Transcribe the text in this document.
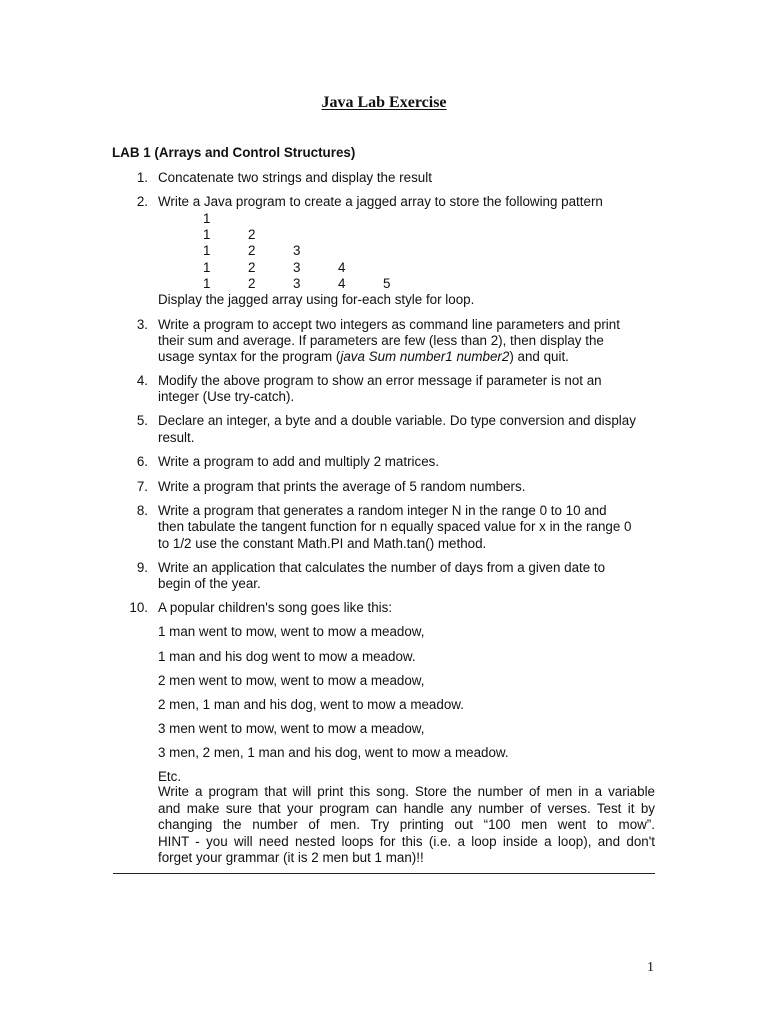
Java Lab Exercise
LAB 1 (Arrays and Control Structures)
1. Concatenate two strings and display the result
2. Write a Java program to create a jagged array to store the following pattern
1
1	2
1	2	3
1	2	3	4
1	2	3	4	5
Display the jagged array using for-each style for loop.
3. Write a program to accept two integers as command line parameters and print
their sum and average. If parameters are few (less than 2), then display the
usage syntax for the program (java Sum number1 number2) and quit.
4. Modify the above program to show an error message if parameter is not an
integer (Use try-catch).
5. Declare an integer, a byte and a double variable. Do type conversion and display
result.
6. Write a program to add and multiply 2 matrices.
7. Write a program that prints the average of 5 random numbers.
8. Write a program that generates a random integer N in the range 0 to 10 and
then tabulate the tangent function for n equally spaced value for x in the range 0
to 1/2 use the constant Math.PI and Math.tan() method.
9. Write an application that calculates the number of days from a given date to
begin of the year.
10. A popular children's song goes like this:
1 man went to mow, went to mow a meadow,
1 man and his dog went to mow a meadow.
2 men went to mow, went to mow a meadow,
2 men, 1 man and his dog, went to mow a meadow.
3 men went to mow, went to mow a meadow,
3 men, 2 men, 1 man and his dog, went to mow a meadow.
Etc.
Write a program that will print this song. Store the number of men in a variable
and make sure that your program can handle any number of verses. Test it by
changing the number of men. Try printing out “100 men went to mow”.
HINT - you will need nested loops for this (i.e. a loop inside a loop), and don't
forget your grammar (it is 2 men but 1 man)!!
1
